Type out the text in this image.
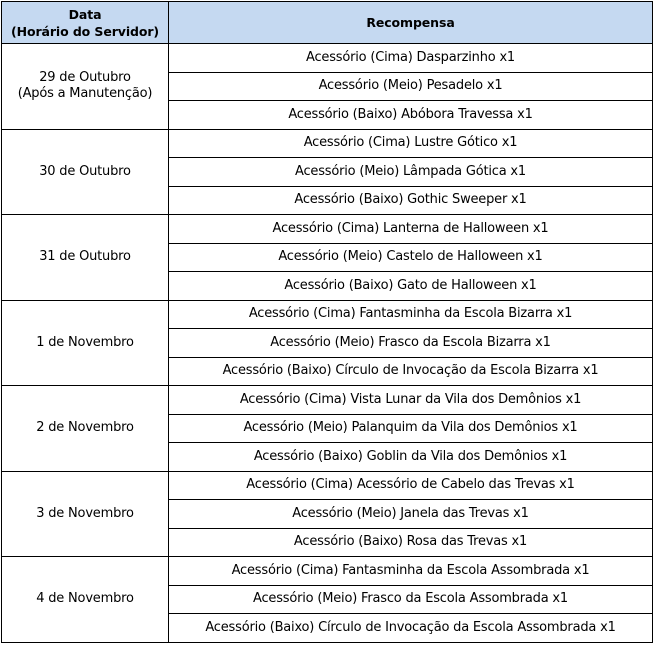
Data
(Horário do Servidor)	Recompensa

29 de Outubro
(Após a Manutenção)	Acessório (Cima) Dasparzinho x1
	Acessório (Meio) Pesadelo x1
	Acessório (Baixo) Abóbora Travessa x1

30 de Outubro	Acessório (Cima) Lustre Gótico x1
	Acessório (Meio) Lâmpada Gótica x1
	Acessório (Baixo) Gothic Sweeper x1

31 de Outubro	Acessório (Cima) Lanterna de Halloween x1
	Acessório (Meio) Castelo de Halloween x1
	Acessório (Baixo) Gato de Halloween x1

1 de Novembro	Acessório (Cima) Fantasminha da Escola Bizarra x1
	Acessório (Meio) Frasco da Escola Bizarra x1
	Acessório (Baixo) Círculo de Invocação da Escola Bizarra x1

2 de Novembro	Acessório (Cima) Vista Lunar da Vila dos Demônios x1
	Acessório (Meio) Palanquim da Vila dos Demônios x1
	Acessório (Baixo) Goblin da Vila dos Demônios x1

3 de Novembro	Acessório (Cima) Acessório de Cabelo das Trevas x1
	Acessório (Meio) Janela das Trevas x1
	Acessório (Baixo) Rosa das Trevas x1

4 de Novembro	Acessório (Cima) Fantasminha da Escola Assombrada x1
	Acessório (Meio) Frasco da Escola Assombrada x1
	Acessório (Baixo) Círculo de Invocação da Escola Assombrada x1
